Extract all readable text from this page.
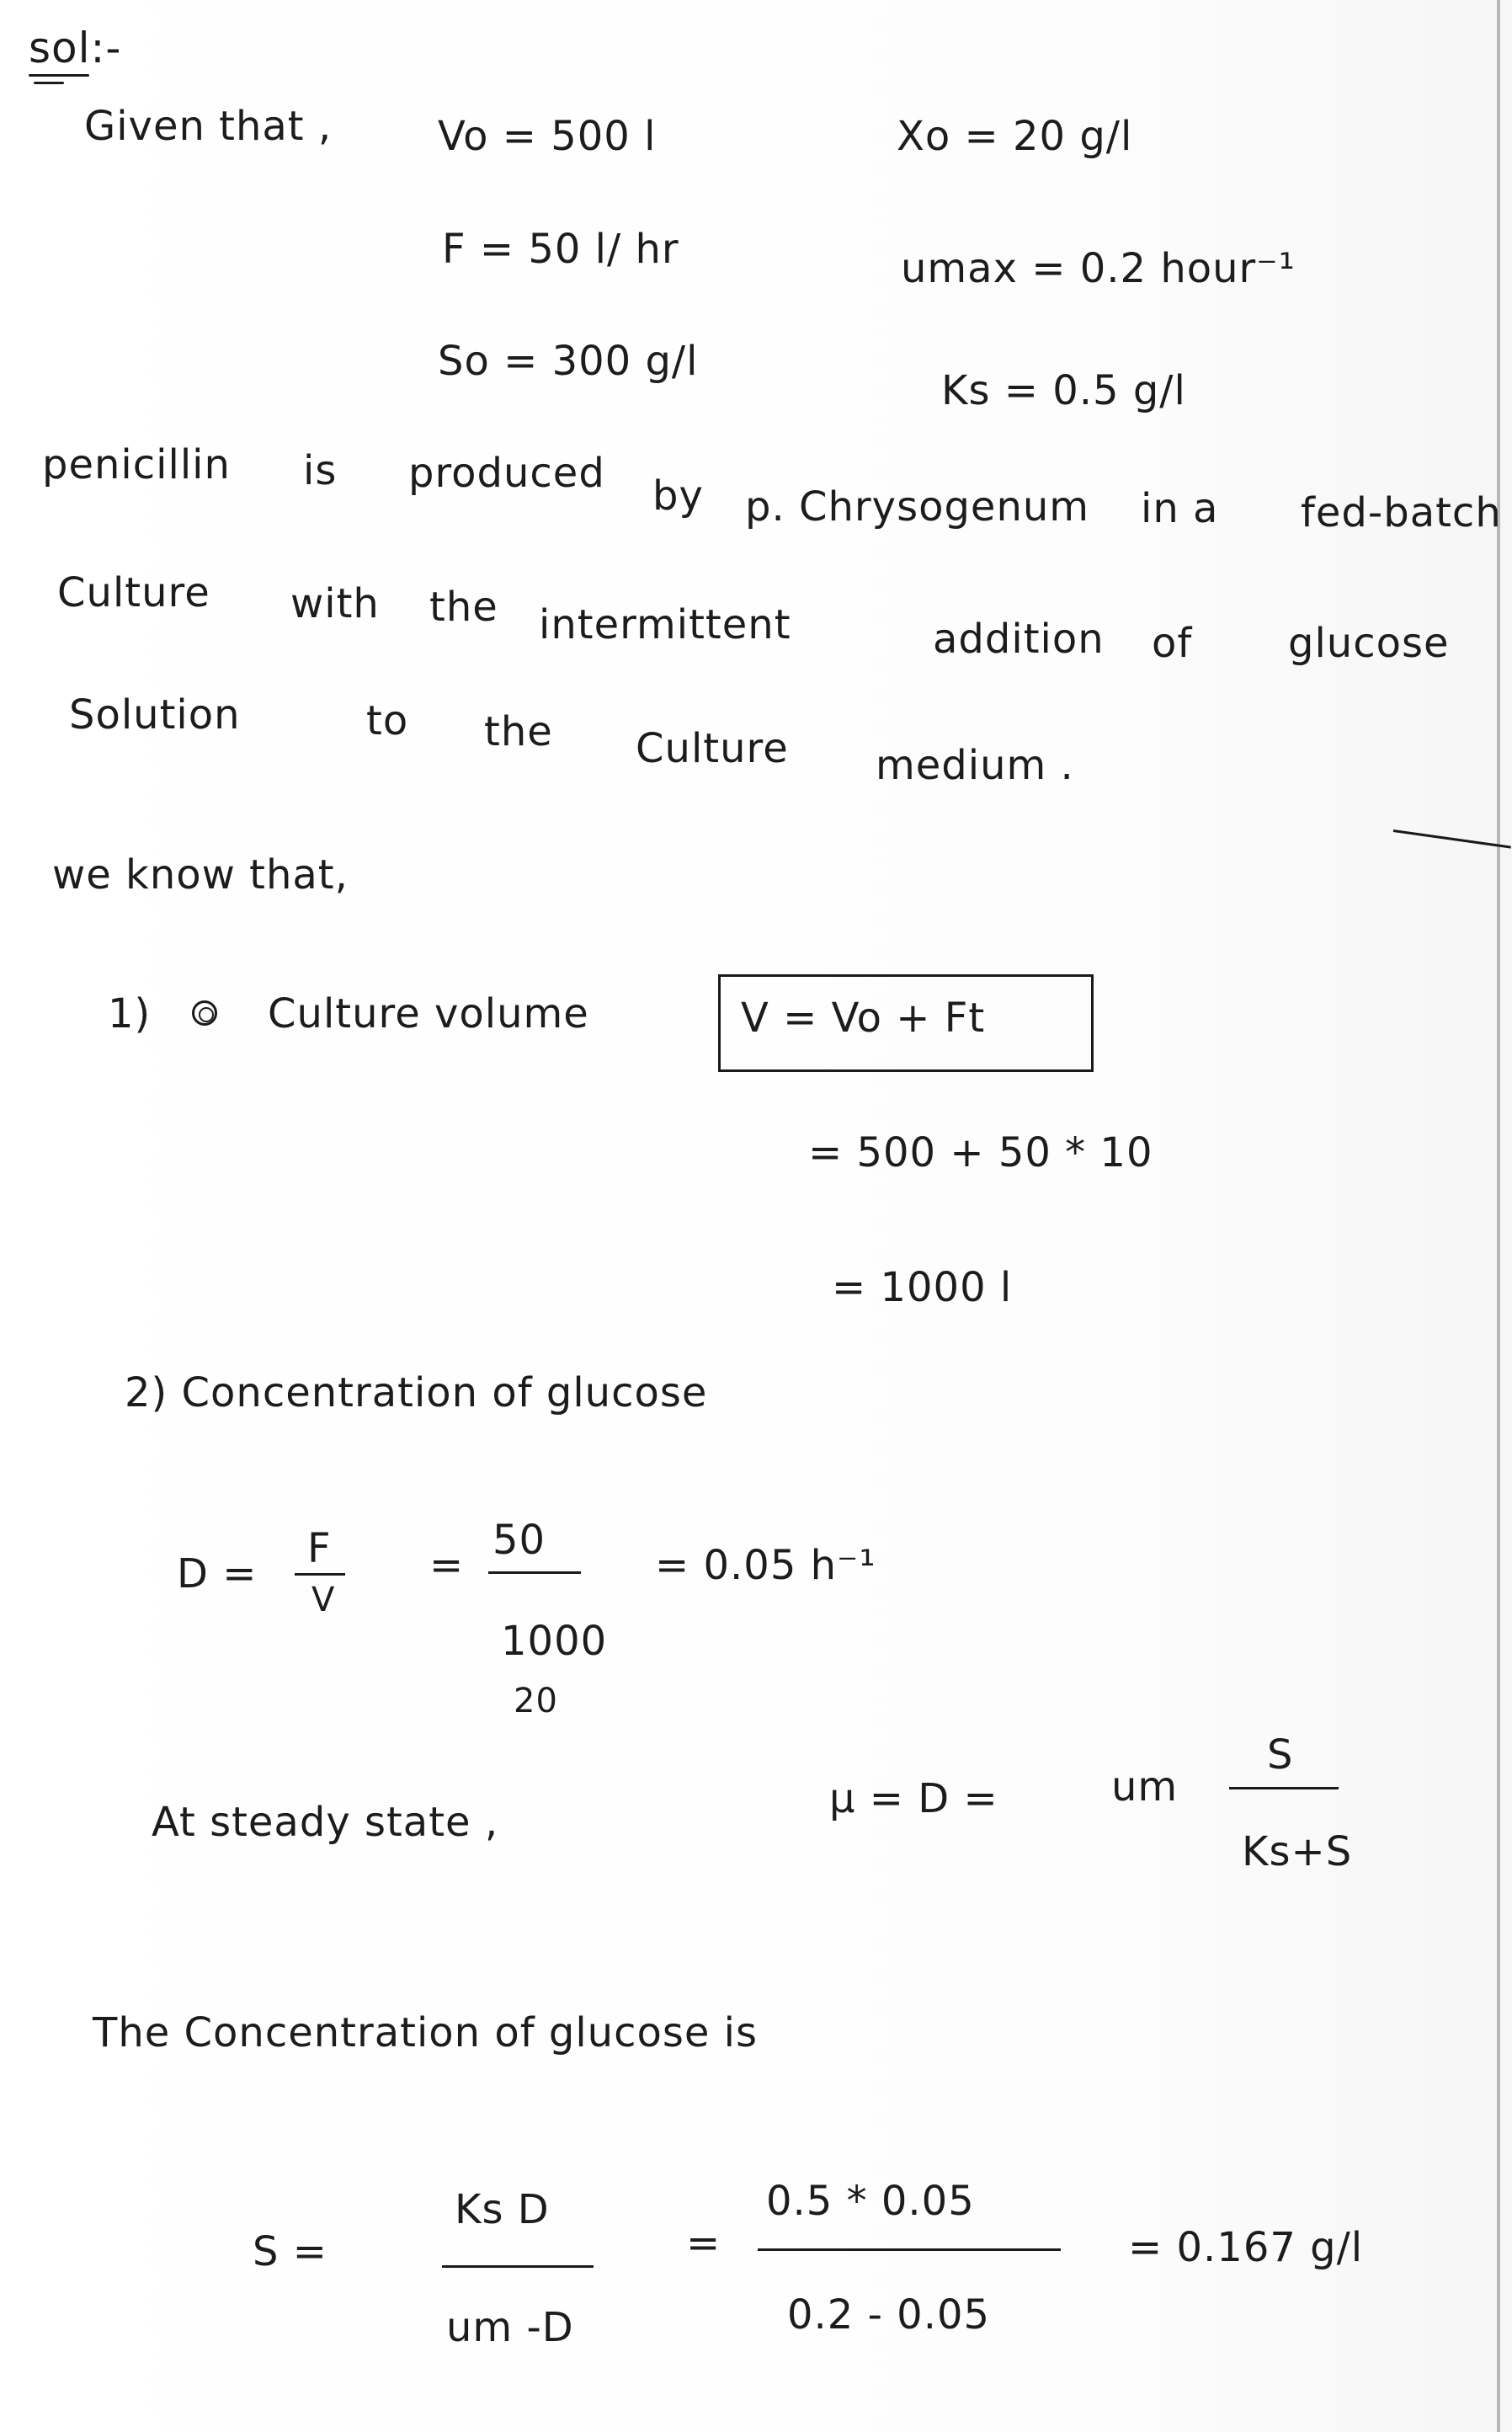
sol:-
Given that ,	Vo = 500 l	Xo = 20 g/l
F = 50 l/ hr	umax = 0.2 hour⁻¹
So = 300 g/l
Ks = 0.5 g/l
penicillin is produced by p. Chrysogenum in a fed-batch
Culture with the intermittent	addition of glucose
Solution	to the Culture medium .
we know that,
1)	Culture volume	V = Vo + Ft
= 500 + 50 * 10
= 1000 l
2) Concentration of glucose
D =
F
V
=
50
1000
20
= 0.05 h⁻¹
At steady state ,	μ = D =	um
S
Ks+S
The Concentration of glucose is
S =
Ks D
um -D
=
0.5 * 0.05
0.2 - 0.05
= 0.167 g/l
